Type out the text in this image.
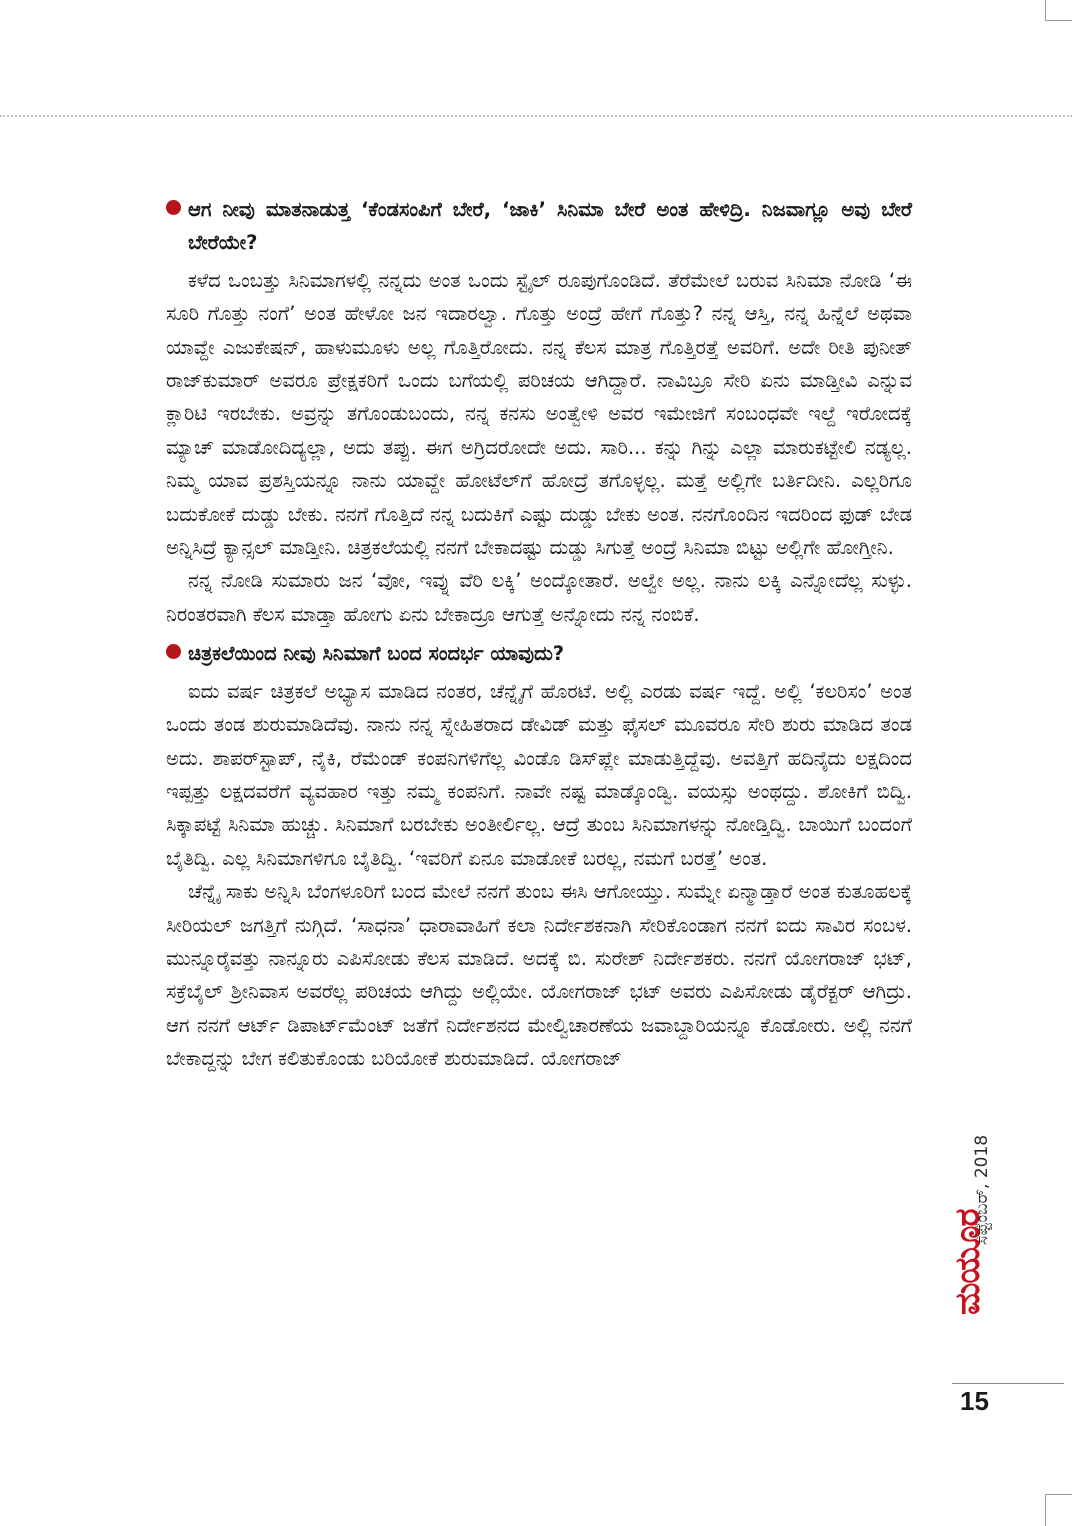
ಆಗ ನೀವು ಮಾತನಾಡುತ್ತ ‘ಕೆಂಡಸಂಪಿಗೆ ಬೇರೆ, ‘ಜಾಕಿ’ ಸಿನಿಮಾ ಬೇರೆ ಅಂತ ಹೇಳಿದ್ರಿ. ನಿಜವಾಗ್ಲೂ ಅವು ಬೇರೆ ಬೇರೆಯೇ?

ಕಳೆದ ಒಂಬತ್ತು ಸಿನಿಮಾಗಳಲ್ಲಿ ನನ್ನದು ಅಂತ ಒಂದು ಸ್ಟೈಲ್ ರೂಪುಗೊಂಡಿದೆ. ತೆರೆಮೇಲೆ ಬರುವ ಸಿನಿಮಾ ನೋಡಿ ‘ಈ ಸೂರಿ ಗೊತ್ತು ನಂಗೆ’ ಅಂತ ಹೇಳೋ ಜನ ಇದಾರಲ್ವಾ. ಗೊತ್ತು ಅಂದ್ರೆ ಹೇಗೆ ಗೊತ್ತು? ನನ್ನ ಆಸ್ತಿ, ನನ್ನ ಹಿನ್ನೆಲೆ ಅಥವಾ ಯಾವ್ದೇ ಎಜುಕೇಷನ್, ಹಾಳುಮೂಳು ಅಲ್ಲ ಗೊತ್ತಿರೋದು. ನನ್ನ ಕೆಲಸ ಮಾತ್ರ ಗೊತ್ತಿರತ್ತೆ ಅವರಿಗೆ. ಅದೇ ರೀತಿ ಪುನೀತ್ ರಾಜ್‌ಕುಮಾರ್ ಅವರೂ ಪ್ರೇಕ್ಷಕರಿಗೆ ಒಂದು ಬಗೆಯಲ್ಲಿ ಪರಿಚಯ ಆಗಿದ್ದಾರೆ. ನಾವಿಬ್ರೂ ಸೇರಿ ಏನು ಮಾಡ್ತೀವಿ ಎನ್ನುವ ಕ್ಲಾರಿಟಿ ಇರಬೇಕು. ಅವ್ರನ್ನು ತಗೊಂಡುಬಂದು, ನನ್ನ ಕನಸು ಅಂತ್ವೇಳಿ ಅವರ ಇಮೇಜಿಗೆ ಸಂಬಂಧವೇ ಇಲ್ದೆ ಇರೋದಕ್ಕೆ ಮ್ಯಾಚ್ ಮಾಡೋದಿದ್ಯಲ್ಲಾ, ಅದು ತಪ್ಪು. ಈಗ ಅಗ್ರಿದರೋದೇ ಅದು. ಸಾರಿ... ಕನ್ನು ಗಿನ್ನು ಎಲ್ಲಾ ಮಾರುಕಟ್ಟೇಲಿ ನಡ್ಯಲ್ಲ. ನಿಮ್ಮ ಯಾವ ಪ್ರಶಸ್ತಿಯನ್ನೂ ನಾನು ಯಾವ್ದೇ ಹೋಟೆಲ್‌ಗೆ ಹೋದ್ರೆ ತಗೊಳ್ಳಲ್ಲ. ಮತ್ತೆ ಅಲ್ಲಿಗೇ ಬರ್ತಿದೀನಿ. ಎಲ್ಲರಿಗೂ ಬದುಕೋಕೆ ದುಡ್ಡು ಬೇಕು. ನನಗೆ ಗೊತ್ತಿದೆ ನನ್ನ ಬದುಕಿಗೆ ಎಷ್ಟು ದುಡ್ಡು ಬೇಕು ಅಂತ. ನನಗೊಂದಿನ ಇದರಿಂದ ಫುಡ್ ಬೇಡ ಅನ್ನಿಸಿದ್ರೆ ಕ್ಯಾನ್ಸಲ್ ಮಾಡ್ತೀನಿ. ಚಿತ್ರಕಲೆಯಲ್ಲಿ ನನಗೆ ಬೇಕಾದಷ್ಟು ದುಡ್ಡು ಸಿಗುತ್ತೆ ಅಂದ್ರೆ ಸಿನಿಮಾ ಬಿಟ್ಟು ಅಲ್ಲಿಗೇ ಹೋಗ್ತೀನಿ.

ನನ್ನ ನೋಡಿ ಸುಮಾರು ಜನ ‘ವೋ, ಇವ್ನು ವೆರಿ ಲಕ್ಕಿ’ ಅಂದ್ಕೋತಾರೆ. ಅಲ್ವೇ ಅಲ್ಲ. ನಾನು ಲಕ್ಕಿ ಎನ್ನೋದೆಲ್ಲ ಸುಳ್ಳು. ನಿರಂತರವಾಗಿ ಕೆಲಸ ಮಾಡ್ತಾ ಹೋಗು ಏನು ಬೇಕಾದ್ರೂ ಆಗುತ್ತೆ ಅನ್ನೋದು ನನ್ನ ನಂಬಿಕೆ.

ಚಿತ್ರಕಲೆಯಿಂದ ನೀವು ಸಿನಿಮಾಗೆ ಬಂದ ಸಂದರ್ಭ ಯಾವುದು?

ಐದು ವರ್ಷ ಚಿತ್ರಕಲೆ ಅಭ್ಯಾಸ ಮಾಡಿದ ನಂತರ, ಚೆನ್ನೈಗೆ ಹೊರಟೆ. ಅಲ್ಲಿ ಎರಡು ವರ್ಷ ಇದ್ದೆ. ಅಲ್ಲಿ ‘ಕಲರಿಸಂ’ ಅಂತ ಒಂದು ತಂಡ ಶುರುಮಾಡಿದೆವು. ನಾನು ನನ್ನ ಸ್ನೇಹಿತರಾದ ಡೇವಿಡ್ ಮತ್ತು ಫೈಸಲ್ ಮೂವರೂ ಸೇರಿ ಶುರು ಮಾಡಿದ ತಂಡ ಅದು. ಶಾಪರ್‌ಸ್ಟಾಪ್, ನೈಕಿ, ರೆಮೆಂಡ್ ಕಂಪನಿಗಳಿಗೆಲ್ಲ ವಿಂಡೊ ಡಿಸ್‌ಪ್ಲೇ ಮಾಡುತ್ತಿದ್ದೆವು. ಅವತ್ತಿಗೆ ಹದಿನೈದು ಲಕ್ಷದಿಂದ ಇಪ್ಪತ್ತು ಲಕ್ಷದವರೆಗೆ ವ್ಯವಹಾರ ಇತ್ತು ನಮ್ಮ ಕಂಪನಿಗೆ. ನಾವೇ ನಷ್ಟ ಮಾಡ್ಕೊಂಡ್ವಿ. ವಯಸ್ಸು ಅಂಥದ್ದು. ಶೋಕಿಗೆ ಬಿದ್ವಿ. ಸಿಕ್ಕಾಪಟ್ಟೆ ಸಿನಿಮಾ ಹುಚ್ಚು. ಸಿನಿಮಾಗೆ ಬರಬೇಕು ಅಂತೀರ್ಲಿಲ್ಲ. ಆದ್ರೆ ತುಂಬ ಸಿನಿಮಾಗಳನ್ನು ನೋಡ್ತಿದ್ವಿ. ಬಾಯಿಗೆ ಬಂದಂಗೆ ಬೈತಿದ್ವಿ. ಎಲ್ಲ ಸಿನಿಮಾಗಳಿಗೂ ಬೈತಿದ್ವಿ. ‘ಇವರಿಗೆ ಏನೂ ಮಾಡೋಕೆ ಬರಲ್ಲ, ನಮಗೆ ಬರತ್ತೆ’ ಅಂತ.

ಚೆನ್ನೈ ಸಾಕು ಅನ್ನಿಸಿ ಬೆಂಗಳೂರಿಗೆ ಬಂದ ಮೇಲೆ ನನಗೆ ತುಂಬ ಈಸಿ ಆಗೋಯ್ತು. ಸುಮ್ನೇ ಏನ್ಮಾಡ್ತಾರೆ ಅಂತ ಕುತೂಹಲಕ್ಕೆ ಸೀರಿಯಲ್ ಜಗತ್ತಿಗೆ ನುಗ್ಗಿದೆ. ‘ಸಾಧನಾ’ ಧಾರಾವಾಹಿಗೆ ಕಲಾ ನಿರ್ದೇಶಕನಾಗಿ ಸೇರಿಕೊಂಡಾಗ ನನಗೆ ಐದು ಸಾವಿರ ಸಂಬಳ. ಮುನ್ನೂರೈವತ್ತು ನಾನ್ನೂರು ಎಪಿಸೋಡು ಕೆಲಸ ಮಾಡಿದೆ. ಅದಕ್ಕೆ ಬಿ. ಸುರೇಶ್ ನಿರ್ದೇಶಕರು. ನನಗೆ ಯೋಗರಾಜ್ ಭಟ್, ಸಕ್ರೆಬೈಲ್ ಶ್ರೀನಿವಾಸ ಅವರೆಲ್ಲ ಪರಿಚಯ ಆಗಿದ್ದು ಅಲ್ಲಿಯೇ. ಯೋಗರಾಜ್ ಭಟ್ ಅವರು ಎಪಿಸೋಡು ಡೈರೆಕ್ಟರ್ ಆಗಿದ್ರು. ಆಗ ನನಗೆ ಆರ್ಟ್ ಡಿಪಾರ್ಟ್‌ಮೆಂಟ್ ಜತೆಗೆ ನಿರ್ದೇಶನದ ಮೇಲ್ವಿಚಾರಣೆಯ ಜವಾಬ್ದಾರಿಯನ್ನೂ ಕೊಡೋರು. ಅಲ್ಲಿ ನನಗೆ ಬೇಕಾದ್ದನ್ನು ಬೇಗ ಕಲಿತುಕೊಂಡು ಬರಿಯೋಕೆ ಶುರುಮಾಡಿದೆ. ಯೋಗರಾಜ್

ಮಯೂರ
ಸೆಪ್ಟೆಂಬರ್, 2018
15
